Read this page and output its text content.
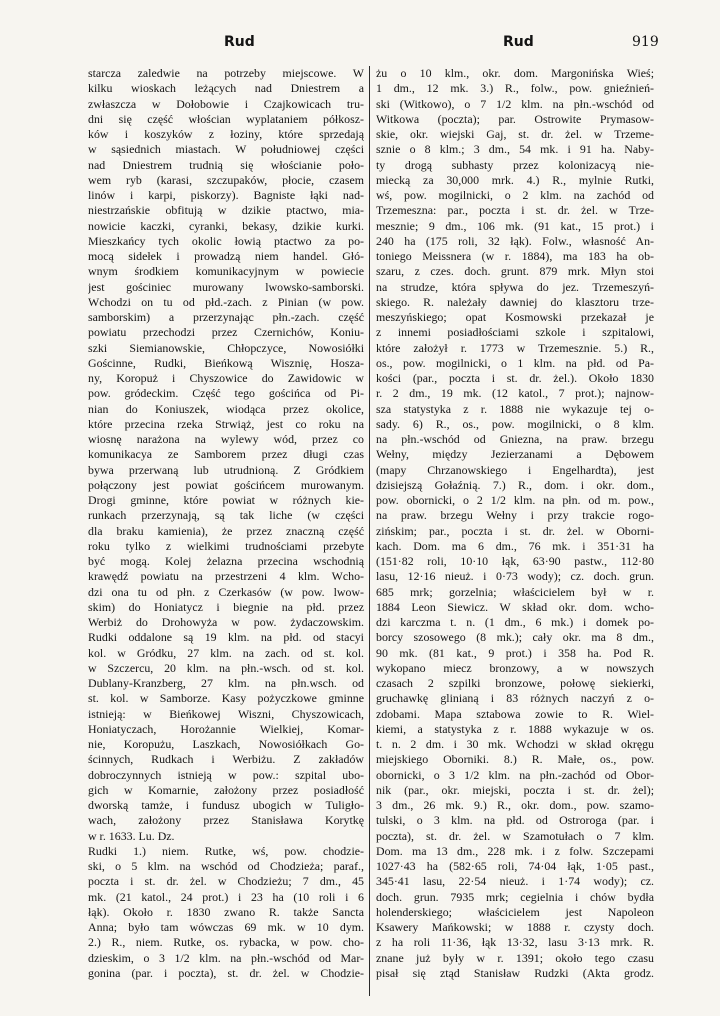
Rud	Rud	919
starcza zaledwie na potrzeby miejscowe. W
kilku wioskach leżących nad Dniestrem a
zwłaszcza w Dołobowie i Czajkowicach tru-
dni się część włościan wyplataniem półkosz-
ków i koszyków z łoziny, które sprzedają
w sąsiednich miastach. W południowej części
nad Dniestrem trudnią się włościanie poło-
wem ryb (karasi, szczupaków, płocie, czasem
linów i karpi, piskorzy). Bagniste łąki nad-
niestrzańskie obfitują w dzikie ptactwo, mia-
nowicie kaczki, cyranki, bekasy, dzikie kurki.
Mieszkańcy tych okolic łowią ptactwo za po-
mocą sidełek i prowadzą niem handel. Głó-
wnym środkiem komunikacyjnym w powiecie
jest gościniec murowany lwowsko-samborski.
Wchodzi on tu od płd.-zach. z Pinian (w pow.
samborskim) a przerzynając płn.-zach. część
powiatu przechodzi przez Czernichów, Koniu-
szki Siemianowskie, Chłopczyce, Nowosiółki
Gościnne, Rudki, Bieńkową Wisznię, Hosza-
ny, Koropuż i Chyszowice do Zawidowic w
pow. gródeckim. Część tego gościńca od Pi-
nian do Koniuszek, wiodąca przez okolice,
które przecina rzeka Strwiąż, jest co roku na
wiosnę narażona na wylewy wód, przez co
komunikacya ze Samborem przez długi czas
bywa przerwaną lub utrudnioną. Z Gródkiem
połączony jest powiat gościńcem murowanym.
Drogi gminne, które powiat w różnych kie-
runkach przerzynają, są tak liche (w części
dla braku kamienia), że przez znaczną część
roku tylko z wielkimi trudnościami przebyte
być mogą. Kolej żelazna przecina wschodnią
krawędź powiatu na przestrzeni 4 klm. Wcho-
dzi ona tu od płn. z Czerkasów (w pow. lwow-
skim) do Honiatycz i biegnie na płd. przez
Werbiż do Drohowyża w pow. żydaczowskim.
Rudki oddalone są 19 klm. na płd. od stacyi
kol. w Gródku, 27 klm. na zach. od st. kol.
w Szczercu, 20 klm. na płn.-wsch. od st. kol.
Dublany-Kranzberg, 27 klm. na płn.wsch. od
st. kol. w Samborze. Kasy pożyczkowe gminne
istnieją: w Bieńkowej Wiszni, Chyszowicach,
Honiatyczach, Horożannie Wielkiej, Komar-
nie, Koropużu, Laszkach, Nowosiółkach Go-
ścinnych, Rudkach i Werbiżu. Z zakładów
dobroczynnych istnieją w pow.: szpital ubo-
gich w Komarnie, założony przez posiadłość
dworską tamże, i fundusz ubogich w Tuligło-
wach, założony przez Stanisława Korytkę
w r. 1633. Lu. Dz.
Rudki 1.) niem. Rutke, wś, pow. chodzie-
ski, o 5 klm. na wschód od Chodzieża; paraf.,
poczta i st. dr. żel. w Chodzieżu; 7 dm., 45
mk. (21 katol., 24 prot.) i 23 ha (10 roli i 6
łąk). Około r. 1830 zwano R. także Sancta
Anna; było tam wówczas 69 mk. w 10 dym.
2.) R., niem. Rutke, os. rybacka, w pow. cho-
dzieskim, o 3 1/2 klm. na płn.-wschód od Mar-
gonina (par. i poczta), st. dr. żel. w Chodzie-
żu o 10 klm., okr. dom. Margonińska Wieś;
1 dm., 12 mk. 3.) R., folw., pow. gnieźnień-
ski (Witkowo), o 7 1/2 klm. na płn.-wschód od
Witkowa (poczta); par. Ostrowite Prymasow-
skie, okr. wiejski Gaj, st. dr. żel. w Trzeme-
sznie o 8 klm.; 3 dm., 54 mk. i 91 ha. Naby-
ty drogą subhasty przez kolonizacyą nie-
miecką za 30,000 mrk. 4.) R., mylnie Rutki,
wś, pow. mogilnicki, o 2 klm. na zachód od
Trzemeszna: par., poczta i st. dr. żel. w Trze-
mesznie; 9 dm., 106 mk. (91 kat., 15 prot.) i
240 ha (175 roli, 32 łąk). Folw., własność An-
toniego Meissnera (w r. 1884), ma 183 ha ob-
szaru, z czes. doch. grunt. 879 mrk. Młyn stoi
na strudze, która spływa do jez. Trzemeszyń-
skiego. R. należały dawniej do klasztoru trze-
meszyńskiego; opat Kosmowski przekazał je
z innemi posiadłościami szkole i szpitalowi,
które założył r. 1773 w Trzemesznie. 5.) R.,
os., pow. mogilnicki, o 1 klm. na płd. od Pa-
kości (par., poczta i st. dr. żel.). Około 1830
r. 2 dm., 19 mk. (12 katol., 7 prot.); najnow-
sza statystyka z r. 1888 nie wykazuje tej o-
sady. 6) R., os., pow. mogilnicki, o 8 klm.
na płn.-wschód od Gniezna, na praw. brzegu
Wełny, między Jezierzanami a Dębowem
(mapy Chrzanowskiego i Engelhardta), jest
dzisiejszą Gołaźnią. 7.) R., dom. i okr. dom.,
pow. obornicki, o 2 1/2 klm. na płn. od m. pow.,
na praw. brzegu Wełny i przy trakcie rogo-
zińskim; par., poczta i st. dr. żel. w Oborni-
kach. Dom. ma 6 dm., 76 mk. i 351·31 ha
(151·82 roli, 10·10 łąk, 63·90 pastw., 112·80
lasu, 12·16 nieuż. i 0·73 wody); cz. doch. grun.
685 mrk; gorzelnia; właścicielem był w r.
1884 Leon Siewicz. W skład okr. dom. wcho-
dzi karczma t. n. (1 dm., 6 mk.) i domek po-
borcy szosowego (8 mk.); cały okr. ma 8 dm.,
90 mk. (81 kat., 9 prot.) i 358 ha. Pod R.
wykopano miecz bronzowy, a w nowszych
czasach 2 szpilki bronzowe, połowę siekierki,
gruchawkę glinianą i 83 różnych naczyń z o-
zdobami. Mapa sztabowa zowie to R. Wiel-
kiemi, a statystyka z r. 1888 wykazuje w os.
t. n. 2 dm. i 30 mk. Wchodzi w skład okręgu
miejskiego Oborniki. 8.) R. Małe, os., pow.
obornicki, o 3 1/2 klm. na płn.-zachód od Obor-
nik (par., okr. miejski, poczta i st. dr. żel);
3 dm., 26 mk. 9.) R., okr. dom., pow. szamo-
tulski, o 3 klm. na płd. od Ostroroga (par. i
poczta), st. dr. żel. w Szamotułach o 7 klm.
Dom. ma 13 dm., 228 mk. i z folw. Szczepami
1027·43 ha (582·65 roli, 74·04 łąk, 1·05 past.,
345·41 lasu, 22·54 nieuż. i 1·74 wody); cz.
doch. grun. 7935 mrk; cegielnia i chów bydła
holenderskiego; właścicielem jest Napoleon
Ksawery Mańkowski; w 1888 r. czysty doch.
z ha roli 11·36, łąk 13·32, lasu 3·13 mrk. R.
znane już były w r. 1391; około tego czasu
pisał się ztąd Stanisław Rudzki (Akta grodz.
